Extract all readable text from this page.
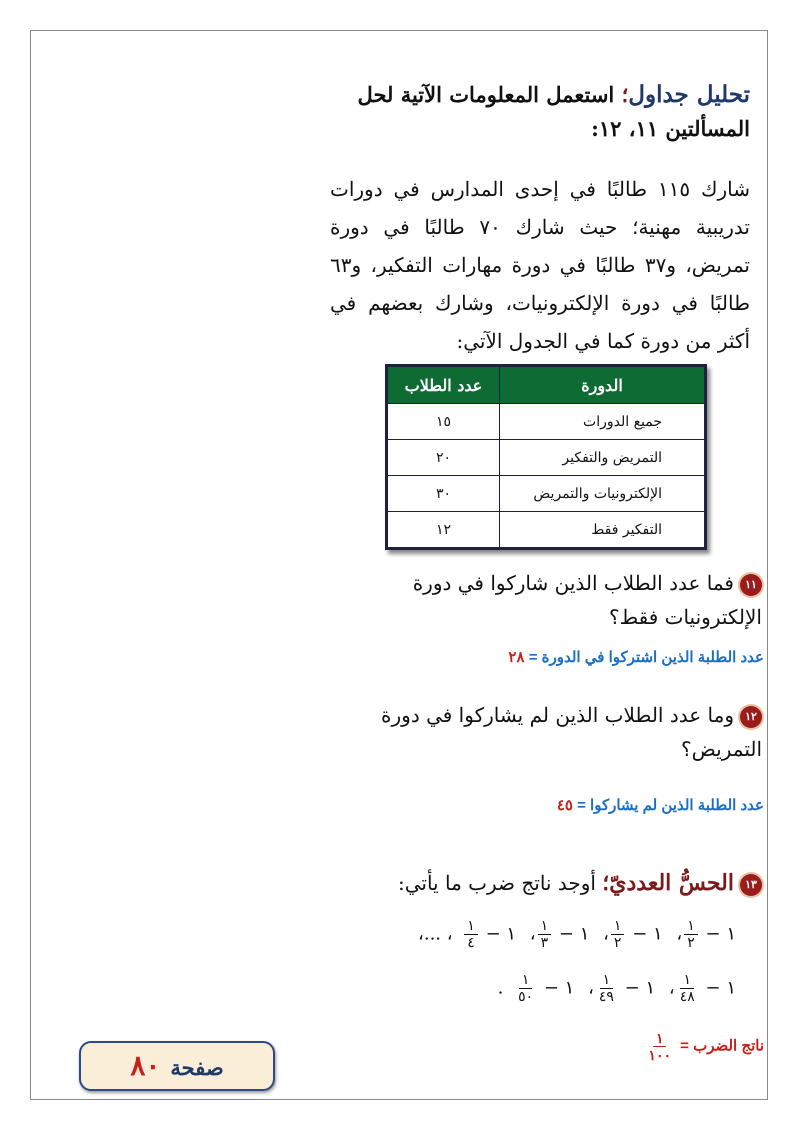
تحليل جداول؛ استعمل المعلومات الآتية لحل
المسألتين ١١، ١٢:
شارك ١١٥ طالبًا في إحدى المدارس في دورات تدريبية مهنية؛ حيث شارك ٧٠ طالبًا في دورة تمريض، و٣٧ طالبًا في دورة مهارات التفكير، و٦٣ طالبًا في دورة الإلكترونيات، وشارك بعضهم في أكثر من دورة كما في الجدول الآتي:
الدورة	عدد الطلاب
جميع الدورات	١٥
التمريض والتفكير	٢٠
الإلكترونيات والتمريض	٣٠
التفكير فقط	١٢
١١فما عدد الطلاب الذين شاركوا في دورة الإلكترونيات فقط؟
عدد الطلبة الذين اشتركوا في الدورة = ٢٨
١٢وما عدد الطلاب الذين لم يشاركوا في دورة التمريض؟
عدد الطلبة الذين لم يشاركوا = ٤٥
١٣الحسُّ العدديّ؛ أوجد ناتج ضرب ما يأتي:
١ −
$\frac{١}{٢}$
، ١ −
$\frac{١}{٢}$
، ١ −
$\frac{١}{٣}$
، ١ −
$\frac{١}{٤}$
، ...،
١ −
$\frac{١}{٤٨}$
، ١ −
$\frac{١}{٤٩}$
، ١ −
$\frac{١}{٥٠}$
.
ناتج الضرب =
$\frac{١}{١٠٠}$
صفحة٨٠
